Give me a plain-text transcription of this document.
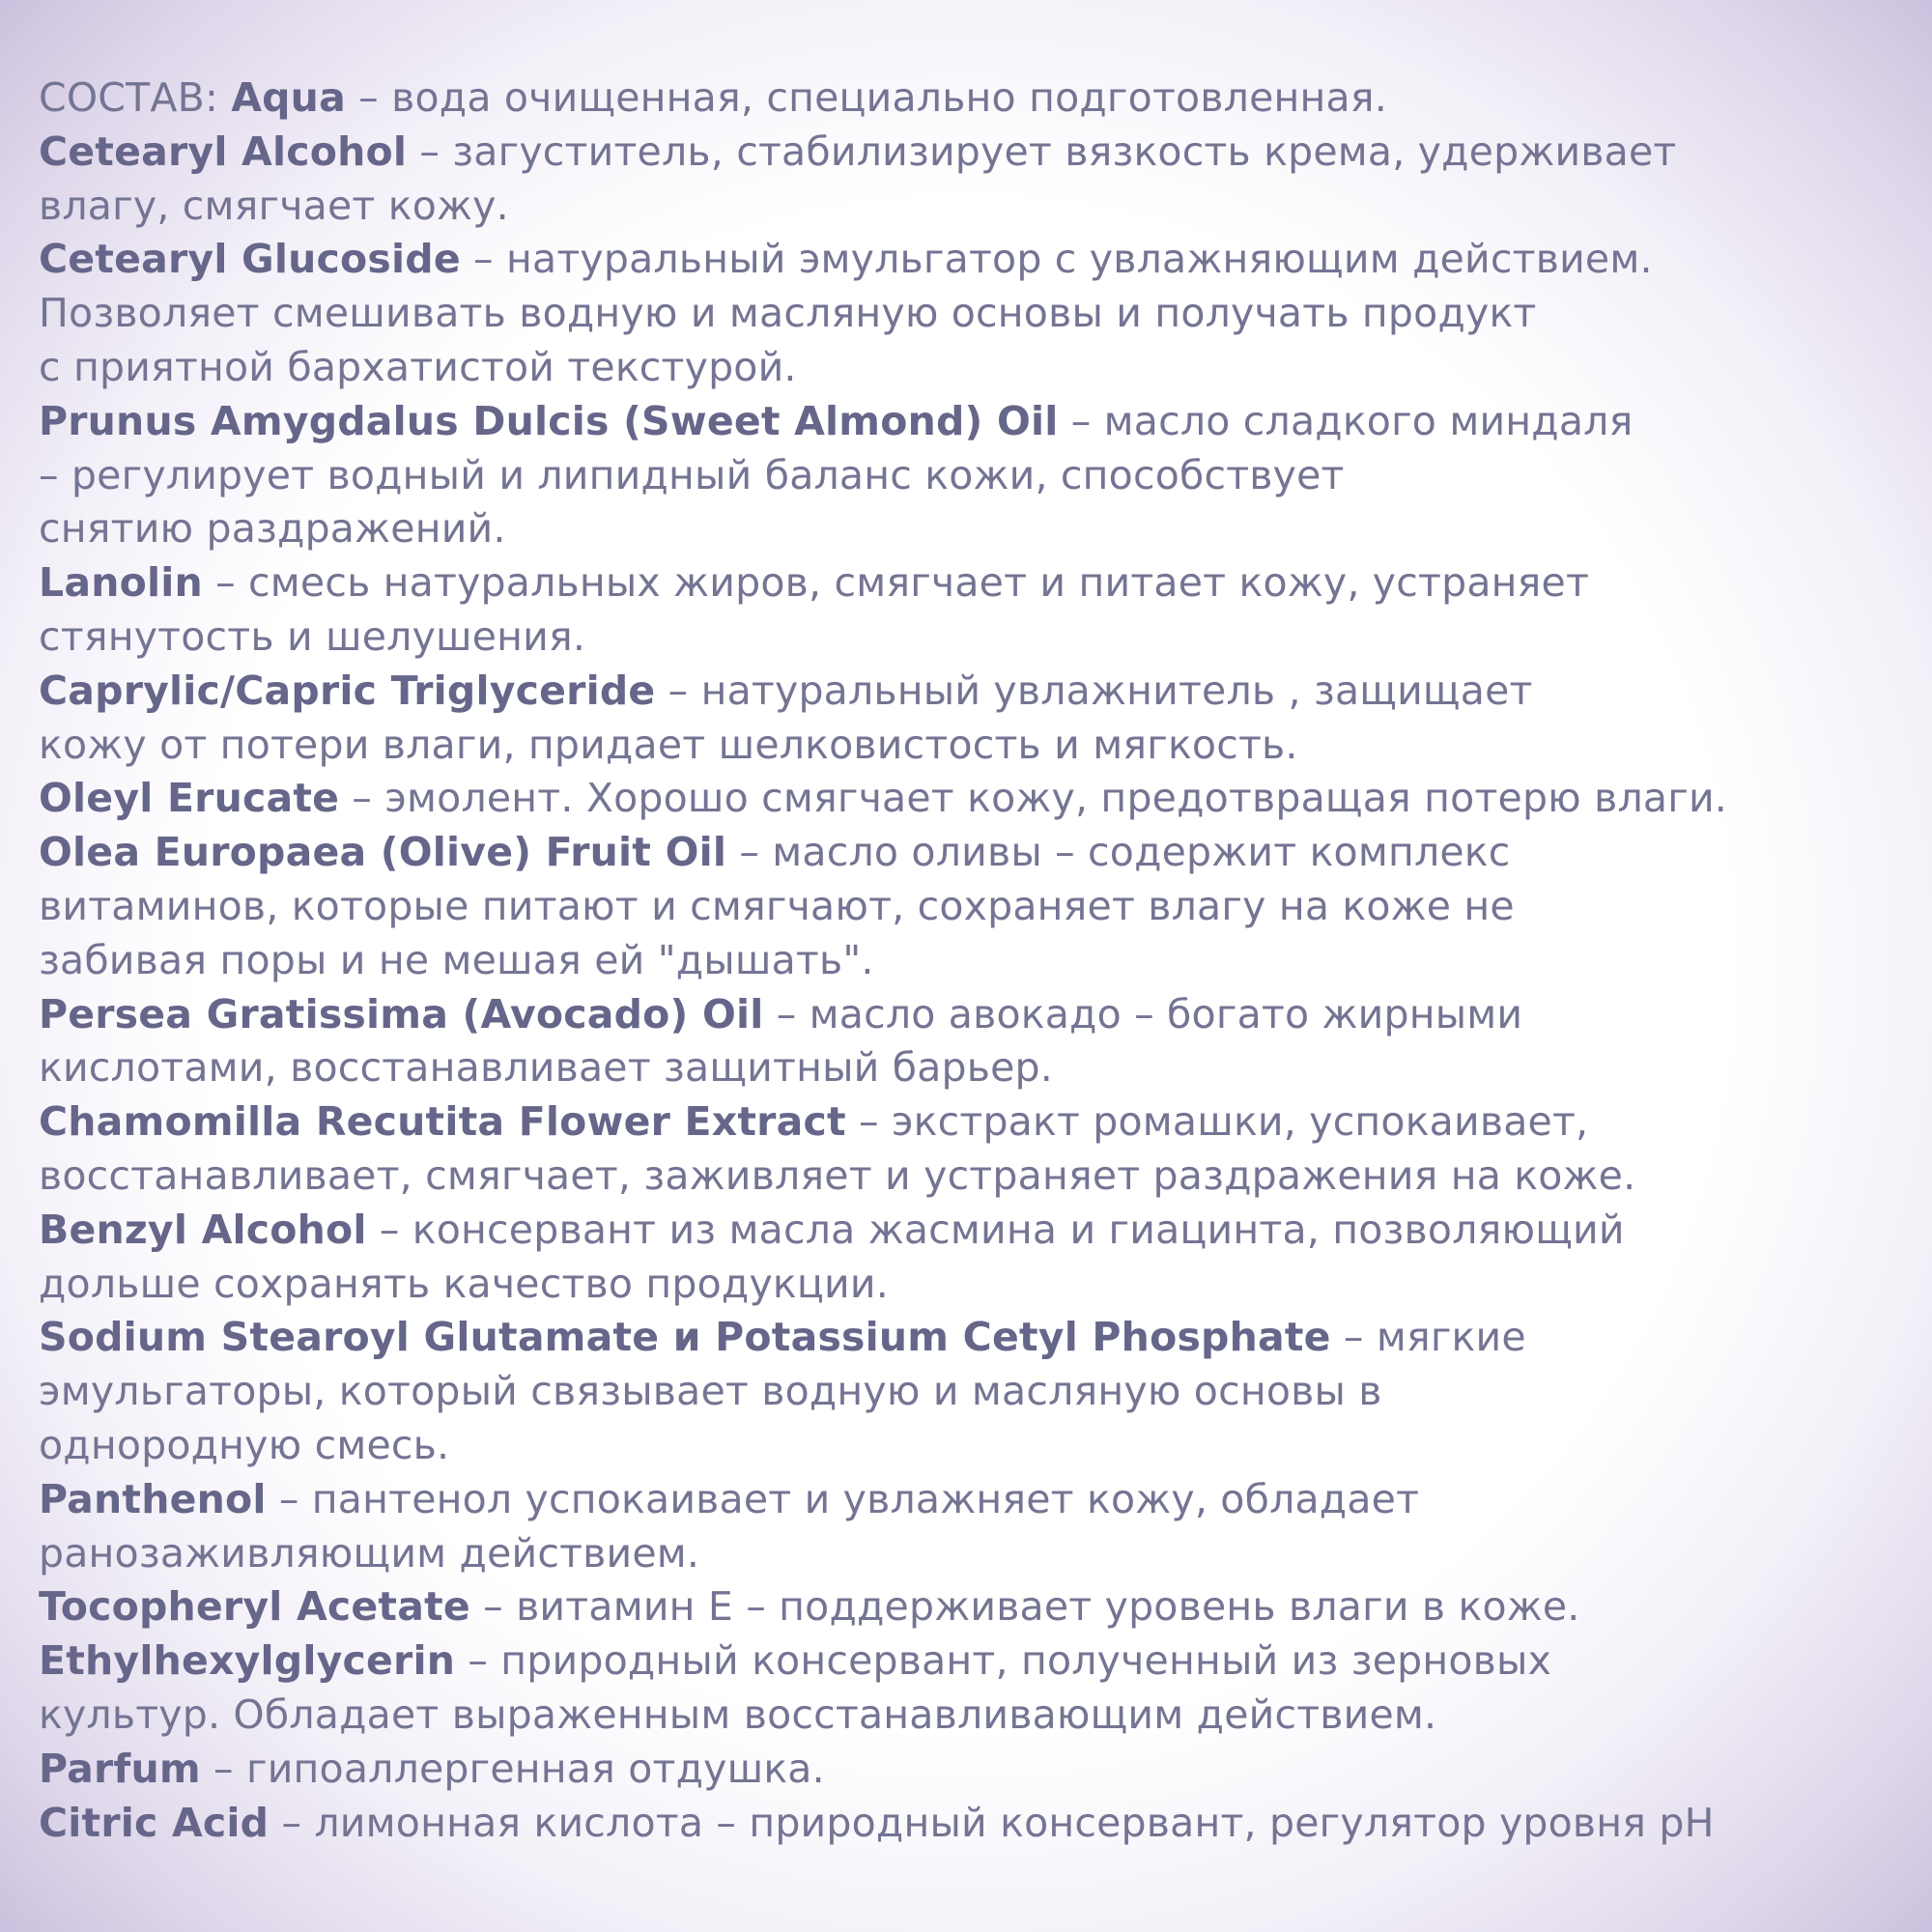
СОСТАВ: Aqua – вода очищенная, специально подготовленная.
Cetearyl Alcohol – загуститель, стабилизирует вязкость крема, удерживает
влагу, смягчает кожу.
Cetearyl Glucoside – натуральный эмульгатор с увлажняющим действием.
Позволяет смешивать водную и масляную основы и получать продукт
с приятной бархатистой текстурой.
Prunus Amygdalus Dulcis (Sweet Almond) Oil – масло сладкого миндаля
– регулирует водный и липидный баланс кожи, способствует
снятию раздражений.
Lanolin – смесь натуральных жиров, смягчает и питает кожу, устраняет
стянутость и шелушения.
Caprylic/Capric Triglyceride – натуральный увлажнитель , защищает
кожу от потери влаги, придает шелковистость и мягкость.
Oleyl Erucate – эмолент. Хорошо смягчает кожу, предотвращая потерю влаги.
Olea Europaea (Olive) Fruit Oil – масло оливы – содержит комплекс
витаминов, которые питают и смягчают, сохраняет влагу на коже не
забивая поры и не мешая ей "дышать".
Persea Gratissima (Avocado) Oil – масло авокадо – богато жирными
кислотами, восстанавливает защитный барьер.
Chamomilla Recutita Flower Extract – экстракт ромашки, успокаивает,
восстанавливает, смягчает, заживляет и устраняет раздражения на коже.
Benzyl Alcohol – консервант из масла жасмина и гиацинта, позволяющий
дольше сохранять качество продукции.
Sodium Stearoyl Glutamate и Potassium Cetyl Phosphate – мягкие
эмульгаторы, который связывает водную и масляную основы в
однородную смесь.
Panthenol – пантенол успокаивает и увлажняет кожу, обладает
ранозаживляющим действием.
Tocopheryl Acetate – витамин Е – поддерживает уровень влаги в коже.
Ethylhexylglycerin – природный консервант, полученный из зерновых
культур. Обладает выраженным восстанавливающим действием.
Parfum – гипоаллергенная отдушка.
Citric Acid – лимонная кислота – природный консервант, регулятор уровня pH
